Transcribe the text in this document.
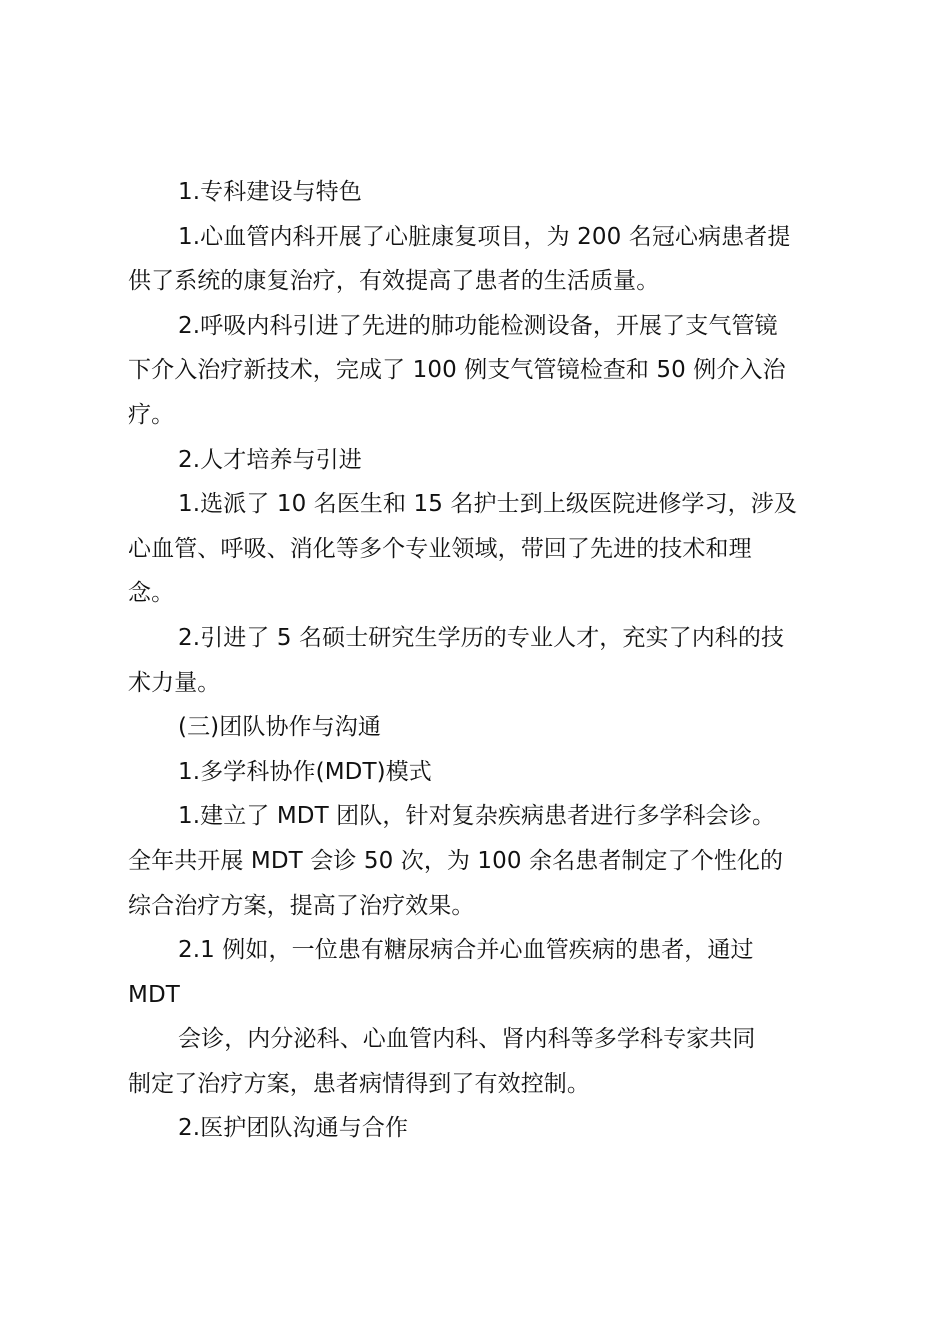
1.专科建设与特色
1.心血管内科开展了心脏康复项目，为 200 名冠心病患者提
供了系统的康复治疗，有效提高了患者的生活质量。
2.呼吸内科引进了先进的肺功能检测设备，开展了支气管镜
下介入治疗新技术，完成了 100 例支气管镜检查和 50 例介入治
疗。
2.人才培养与引进
1.选派了 10 名医生和 15 名护士到上级医院进修学习，涉及
心血管、呼吸、消化等多个专业领域，带回了先进的技术和理
念。
2.引进了 5 名硕士研究生学历的专业人才，充实了内科的技
术力量。
(三)团队协作与沟通
1.多学科协作(MDT)模式
1.建立了 MDT 团队，针对复杂疾病患者进行多学科会诊。
全年共开展 MDT 会诊 50 次，为 100 余名患者制定了个性化的
综合治疗方案，提高了治疗效果。
2.1 例如，一位患有糖尿病合并心血管疾病的患者，通过
MDT
会诊，内分泌科、心血管内科、肾内科等多学科专家共同
制定了治疗方案，患者病情得到了有效控制。
2.医护团队沟通与合作
